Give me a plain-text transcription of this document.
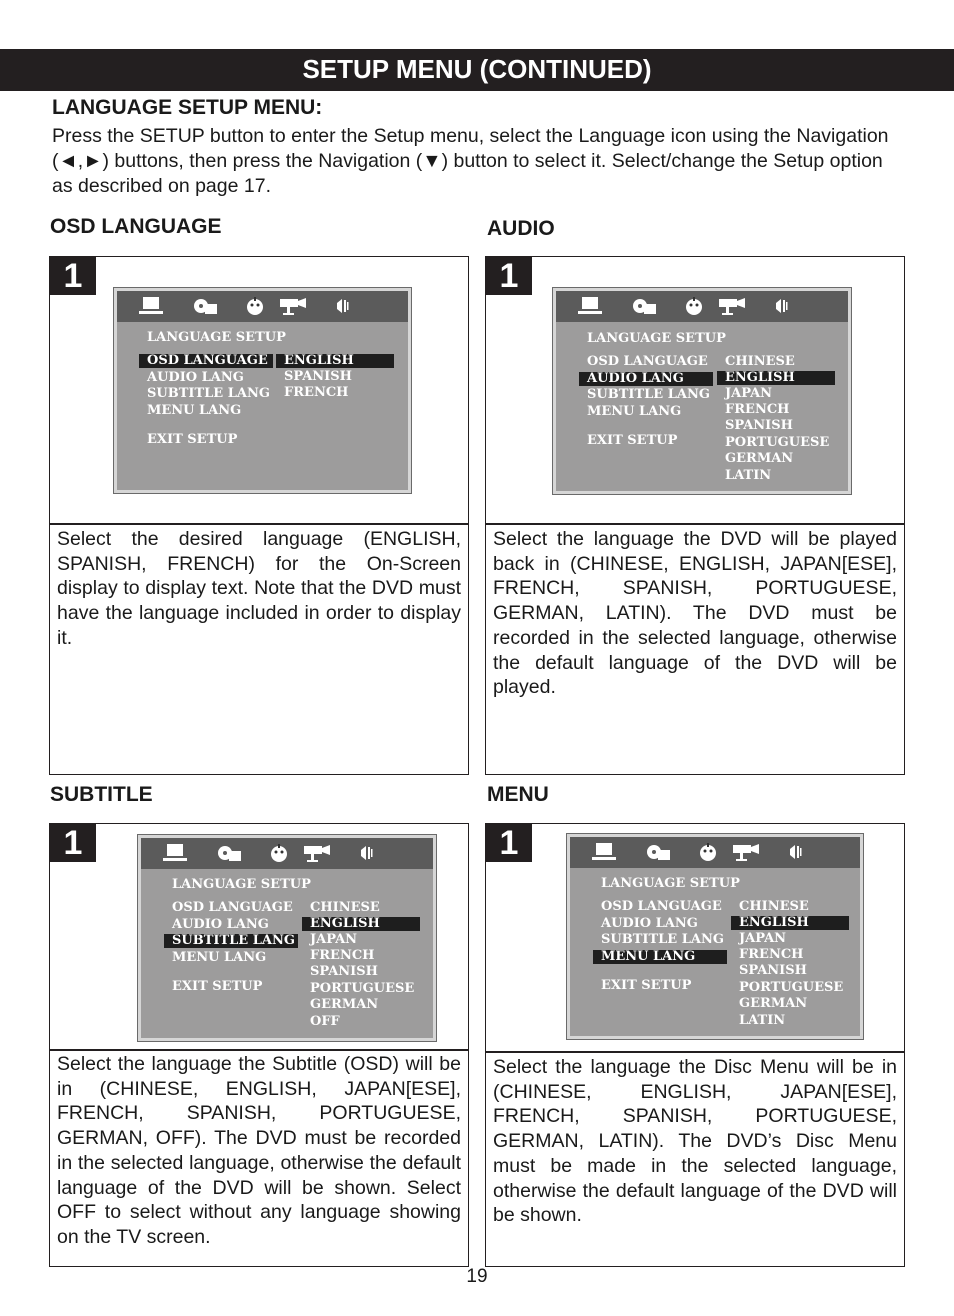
SETUP MENU (CONTINUED)
LANGUAGE SETUP MENU:
Press the SETUP button to enter the Setup menu, select the Language icon using the Navigation (◄,►) buttons, then press the Navigation (▼) button to select it. Select/change the Setup option as described on page 17.
OSD LANGUAGE	AUDIO
SUBTITLE	MENU
1
LANGUAGE SETUP
OSD LANGUAGE
AUDIO LANG
SUBTITLE LANG
MENU LANG
EXIT SETUP
ENGLISH
SPANISH
FRENCH
Select the desired language (ENGLISH, SPANISH, FRENCH) for the On-Screen display to display text. Note that the DVD must have the language included in order to display it.
1
LANGUAGE SETUP
OSD LANGUAGE
AUDIO LANG
SUBTITLE LANG
MENU LANG
EXIT SETUP
CHINESE
ENGLISH
JAPAN
FRENCH
SPANISH
PORTUGUESE
GERMAN
LATIN
Select the language the DVD will be played back in (CHINESE, ENGLISH, JAPAN[ESE], FRENCH, SPANISH, PORTUGUESE, GERMAN, LATIN). The DVD must be recorded in the selected language, otherwise the default language of the DVD will be played.
1
LANGUAGE SETUP
OSD LANGUAGE
AUDIO LANG
SUBTITLE LANG
MENU LANG
EXIT SETUP
CHINESE
ENGLISH
JAPAN
FRENCH
SPANISH
PORTUGUESE
GERMAN
OFF
Select the language the Subtitle (OSD) will be in (CHINESE, ENGLISH, JAPAN[ESE], FRENCH, SPANISH, PORTUGUESE, GERMAN, OFF). The DVD must be recorded in the selected language, otherwise the default language of the DVD will be shown. Select OFF to select without any language showing on the TV screen.
1
LANGUAGE SETUP
OSD LANGUAGE
AUDIO LANG
SUBTITLE LANG
MENU LANG
EXIT SETUP
CHINESE
ENGLISH
JAPAN
FRENCH
SPANISH
PORTUGUESE
GERMAN
LATIN
Select the language the Disc Menu will be in (CHINESE, ENGLISH, JAPAN[ESE], FRENCH, SPANISH, PORTUGUESE, GERMAN, LATIN). The DVD’s Disc Menu must be made in the selected language, otherwise the default language of the DVD will be shown.
19
